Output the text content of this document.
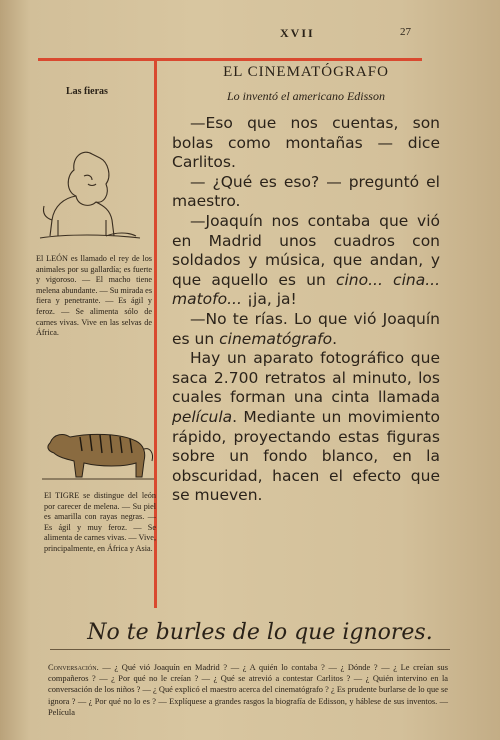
XVII	27
Las fieras
El LEÓN es llamado el rey de los animales por su gallardía; es fuerte y vigoroso. — El macho tiene melena abundante. — Su mirada es fiera y penetrante. — Es ágil y feroz. — Se alimenta sólo de carnes vivas. Vive en las selvas de África.
El TIGRE se distingue del león por carecer de melena. — Su piel es amarilla con rayas negras. — Es ágil y muy feroz. — Se alimenta de carnes vivas. — Vive, principalmente, en África y Asia.
EL CINEMATÓGRAFO
Lo inventó el americano Edisson

—Eso que nos cuentas, son bolas como montañas — dice Carlitos.

— ¿Qué es eso? — preguntó el maestro.

—Joaquín nos contaba que vió en Madrid unos cuadros con soldados y música, que andan, y que aquello es un cino... cina... matofo... ¡ja, ja!

—No te rías. Lo que vió Joaquín es un cinematógrafo.

Hay un aparato fotográfico que saca 2.700 retratos al minuto, los cuales forman una cinta llamada película. Mediante un movimiento rápido, proyectando estas figuras sobre un fondo blanco, en la obscuridad, hacen el efecto que se mueven.

No te burles de lo que ignores.
Conversación. — ¿ Qué vió Joaquín en Madrid ? — ¿ A quién lo contaba ? — ¿ Dónde ? — ¿ Le creían sus compañeros ? — ¿ Por qué no le creían ? — ¿ Qué se atrevió a contestar Carlitos ? — ¿ Quién intervino en la conversación de los niños ? — ¿ Qué explicó el maestro acerca del cinematógrafo ? ¿ Es prudente burlarse de lo que se ignora ? — ¿ Por qué no lo es ? — Explíquese a grandes rasgos la biografía de Edisson, y háblese de sus inventos. — Película
